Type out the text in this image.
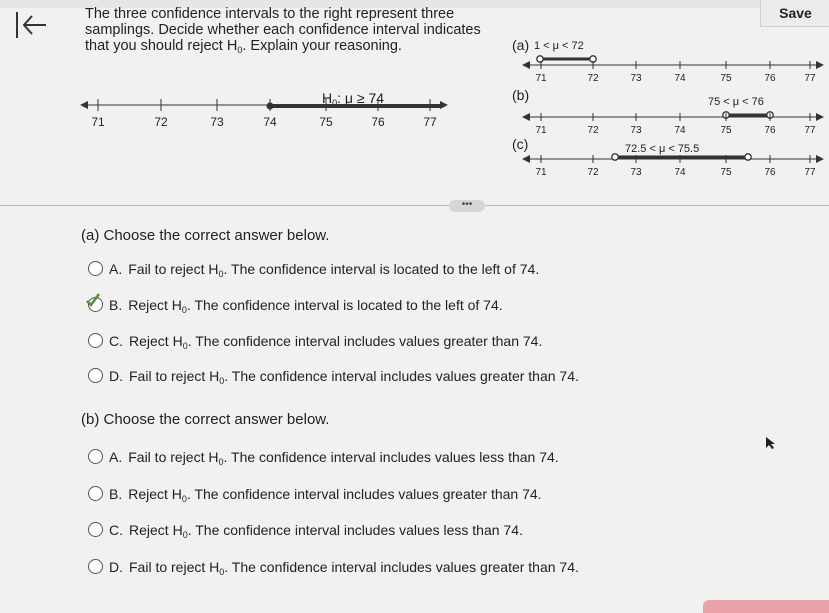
Save
The three confidence intervals to the right represent three
samplings. Decide whether each confidence interval indicates
that you should reject $H_0$. Explain your reasoning.
$H_0$: μ ≥ 74
71	72	73	74	75	76	77
(a) 1 < μ < 72
71	72	73	74	75	76	77
(b)	75 < μ < 76
71	72	73	74	75	76	77
(c)	72.5 < μ < 75.5
71	72	73	74	75	76	77
•••
(a) Choose the correct answer below.
A. Fail to reject $H_0$. The confidence interval is located to the left of 74.
B. Reject $H_0$. The confidence interval is located to the left of 74.
C. Reject $H_0$. The confidence interval includes values greater than 74.
D. Fail to reject $H_0$. The confidence interval includes values greater than 74.
(b) Choose the correct answer below.
A. Fail to reject $H_0$. The confidence interval includes values less than 74.
B. Reject $H_0$. The confidence interval includes values greater than 74.
C. Reject $H_0$. The confidence interval includes values less than 74.
D. Fail to reject $H_0$. The confidence interval includes values greater than 74.
